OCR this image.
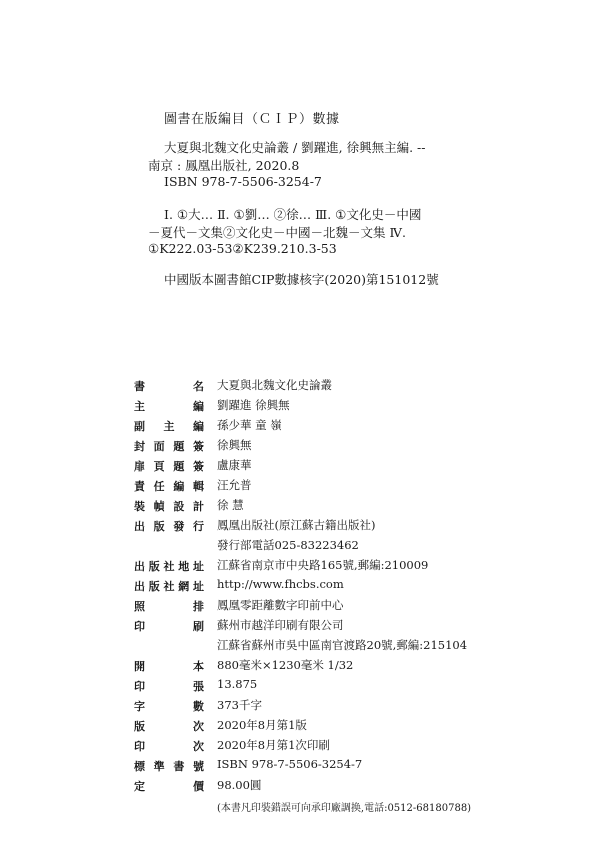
圖書在版編目（ＣＩＰ）數據
大夏與北魏文化史論叢 / 劉躍進, 徐興無主編. --
南京 : 鳳凰出版社, 2020.8
ISBN 978-7-5506-3254-7
Ⅰ. ①大… Ⅱ. ①劉… ②徐… Ⅲ. ①文化史－中國
－夏代－文集②文化史－中國－北魏－文集 Ⅳ.
①K222.03-53②K239.210.3-53
中國版本圖書館CIP數據核字(2020)第151012號
書	名 大夏與北魏文化史論叢
主	編 劉躍進 徐興無
副 主 編 孫少華 童 嶺
封 面 題 簽 徐興無
扉 頁 題 簽 盧康華
責 任 編 輯 汪允普
裝 幀 設 計 徐 慧
出 版 發 行 鳳凰出版社(原江蘇古籍出版社)
發行部電話025-83223462
出 版 社 地 址 江蘇省南京市中央路165號,郵編:210009
出 版 社 網 址 http://www.fhcbs.com
照	排 鳳凰零距離數字印前中心
印	刷 蘇州市越洋印刷有限公司
江蘇省蘇州市吳中區南官渡路20號,郵編:215104
開	本 880毫米×1230毫米 1/32
印	張 13.875
字	數 373千字
版	次 2020年8月第1版
印	次 2020年8月第1次印刷
標 準 書 號 ISBN 978-7-5506-3254-7
定	價 98.00圓
(本書凡印裝錯誤可向承印廠調换,電話:0512-68180788)
